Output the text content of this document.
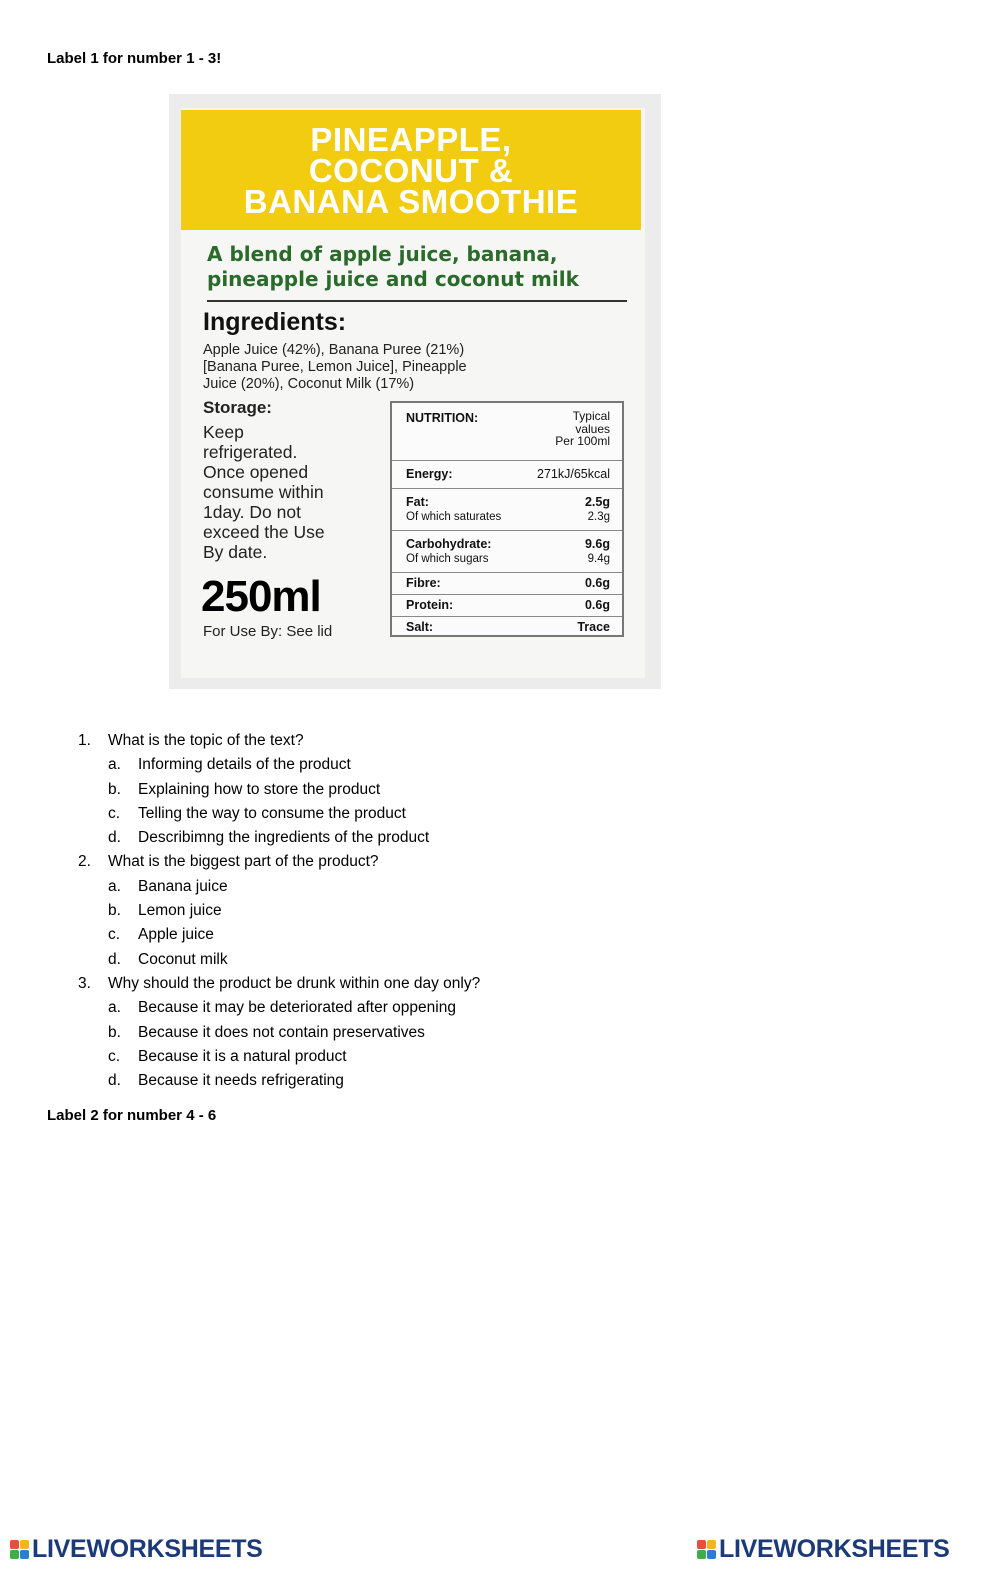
Label 1 for number 1 - 3!
PINEAPPLE,
COCONUT &
BANANA SMOOTHIE
A blend of apple juice, banana,
pineapple juice and coconut milk
Ingredients:
Apple Juice (42%), Banana Puree (21%)
[Banana Puree, Lemon Juice], Pineapple
Juice (20%), Coconut Milk (17%)
Storage:
Keep
refrigerated.
Once opened
consume within
1day. Do not
exceed the Use
By date.
250ml
For Use By: See lid
NUTRITION:	Typical
values
Per 100ml
Energy:	271kJ/65kcal
Fat:	2.5g
Of which saturates	2.3g
Carbohydrate:	9.6g
Of which sugars	9.4g
Fibre:	0.6g
Protein:	0.6g
Salt:	Trace
1. What is the topic of the text?
a. Informing details of the product
b. Explaining how to store the product
c. Telling the way to consume the product
d. Describimng the ingredients of the product
2. What is the biggest part of the product?
a. Banana juice
b. Lemon juice
c. Apple juice
d. Coconut milk
3. Why should the product be drunk within one day only?
a. Because it may be deteriorated after oppening
b. Because it does not contain preservatives
c. Because it is a natural product
d. Because it needs refrigerating
Label 2 for number 4 - 6
LIVEWORKSHEETS	LIVEWORKSHEETS
